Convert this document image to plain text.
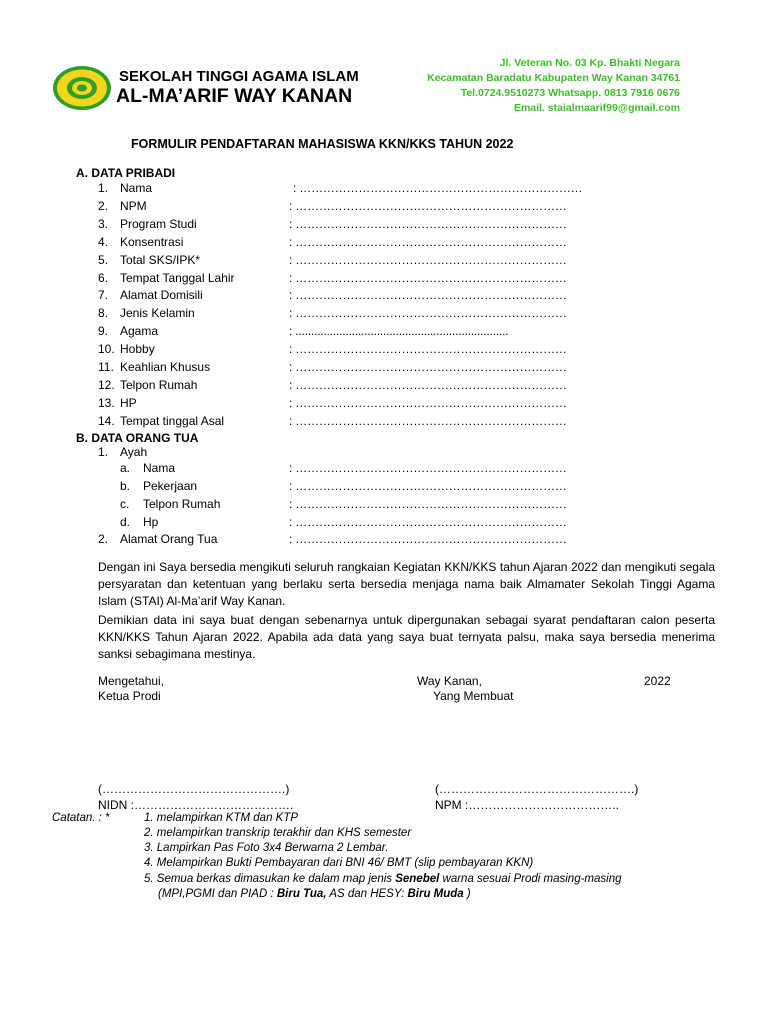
SEKOLAH TINGGI AGAMA ISLAM
AL-MA’ARIF WAY KANAN
Jl. Veteran No. 03 Kp. Bhakti Negara
Kecamatan Baradatu Kabupaten Way Kanan 34761
Tel.0724.9510273 Whatsapp. 0813 7916 0676
Email. staialmaarif99@gmail.com
FORMULIR PENDAFTARAN MAHASISWA KKN/KKS TAHUN 2022
A. DATA PRIBADI
1. Nama	: ………………………………………………………………
2. NPM	: ……………………………………………………………
3. Program Studi	: ……………………………………………………………
4. Konsentrasi	: ……………………………………………………………
5. Total SKS/IPK*	: ……………………………………………………………
6. Tempat Tanggal Lahir	: ……………………………………………………………
7. Alamat Domisili	: ……………………………………………………………
8. Jenis Kelamin	: ……………………………………………………………
9. Agama	: ....................................................................
10. Hobby	: ……………………………………………………………
11. Keahlian Khusus	: ……………………………………………………………
12. Telpon Rumah	: ……………………………………………………………
13. HP	: ……………………………………………………………
14. Tempat tinggal Asal	: ……………………………………………………………
B. DATA ORANG TUA
1. Ayah
a. Nama	: ……………………………………………………………
b. Pekerjaan	: ……………………………………………………………
c. Telpon Rumah	: ……………………………………………………………
d. Hp	: ……………………………………………………………
2. Alamat Orang Tua	: ……………………………………………………………
Dengan ini Saya bersedia mengikuti seluruh rangkaian Kegiatan KKN/KKS tahun Ajaran 2022 dan mengikuti segala persyaratan dan ketentuan yang berlaku serta bersedia menjaga nama baik Almamater Sekolah Tinggi Agama Islam (STAI) Al-Ma’arif Way Kanan.
Demikian data ini saya buat dengan sebenarnya untuk dipergunakan sebagai syarat pendaftaran calon peserta KKN/KKS Tahun Ajaran 2022. Apabila ada data yang saya buat ternyata palsu, maka saya bersedia menerima sanksi sebagimana mestinya.
Mengetahui,
Ketua Prodi
Way Kanan,	2022
Yang Membuat
(……………………………………….)	(………………………………………….)
NIDN :………………………………….	NPM :………………………………..
Catatan. : *	1. melampirkan KTM dan KTP
2. melampirkan transkrip terakhir dan KHS semester
3. Lampirkan Pas Foto 3x4 Berwarna 2 Lembar.
4. Melampirkan Bukti Pembayaran dari BNI 46/ BMT (slip pembayaran KKN)
5. Semua berkas dimasukan ke dalam map jenis Senebel warna sesuai Prodi masing-masing
(MPI,PGMI dan PIAD : Biru Tua, AS dan HESY: Biru Muda )
